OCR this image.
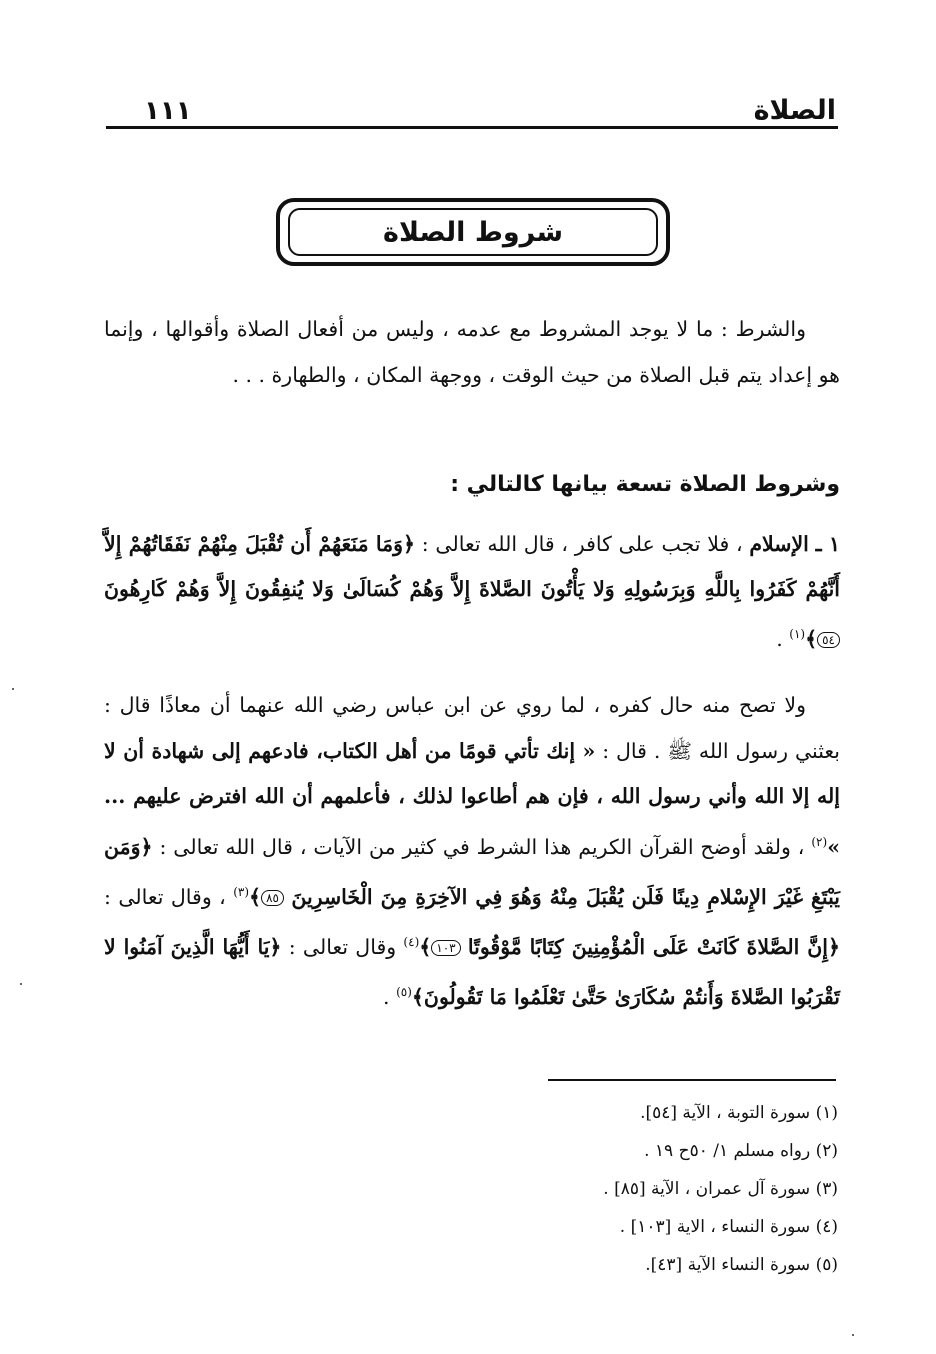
الصلاة
١١١
شروط الصلاة
والشرط : ما لا يوجد المشروط مع عدمه ، وليس من أفعال الصلاة وأقوالها ، وإنما هو إعداد يتم قبل الصلاة من حيث الوقت ، ووجهة المكان ، والطهارة . . .
وشروط الصلاة تسعة بيانها كالتالي :
١ ـ الإسلام ، فلا تجب على كافر ، قال الله تعالى : ﴿وَمَا مَنَعَهُمْ أَن تُقْبَلَ مِنْهُمْ نَفَقَاتُهُمْ إِلاَّ أَنَّهُمْ كَفَرُوا بِاللَّهِ وَبِرَسُولِهِ وَلا يَأْتُونَ الصَّلاةَ إِلاَّ وَهُمْ كُسَالَىٰ وَلا يُنفِقُونَ إِلاَّ وَهُمْ كَارِهُونَ ٥٤﴾$^{(١)}$ .
ولا تصح منه حال كفره ، لما روي عن ابن عباس رضي الله عنهما أن معاذًا قال : بعثني رسول الله ﷺ . قال : « إنك تأتي قومًا من أهل الكتاب، فادعهم إلى شهادة أن لا إله إلا الله وأني رسول الله ، فإن هم أطاعوا لذلك ، فأعلمهم أن الله افترض عليهم ... »$^{(٢)}$ ، ولقد أوضح القرآن الكريم هذا الشرط في كثير من الآيات ، قال الله تعالى : ﴿وَمَن يَبْتَغِ غَيْرَ الإِسْلامِ دِينًا فَلَن يُقْبَلَ مِنْهُ وَهُوَ فِي الآخِرَةِ مِنَ الْخَاسِرِينَ ٨٥﴾$^{(٣)}$ ، وقال تعالى : ﴿إِنَّ الصَّلاةَ كَانَتْ عَلَى الْمُؤْمِنِينَ كِتَابًا مَّوْقُوتًا ١٠٣﴾$^{(٤)}$ وقال تعالى : ﴿يَا أَيُّهَا الَّذِينَ آمَنُوا لا تَقْرَبُوا الصَّلاةَ وَأَنتُمْ سُكَارَىٰ حَتَّىٰ تَعْلَمُوا مَا تَقُولُونَ﴾$^{(٥)}$ .
(١) سورة التوبة ، الآية [٥٤].
(٢) رواه مسلم ١/ ٥٠ح ١٩ .
(٣) سورة آل عمران ، الآية [٨٥] .
(٤) سورة النساء ، الاية [١٠٣] .
(٥) سورة النساء الآية [٤٣].
